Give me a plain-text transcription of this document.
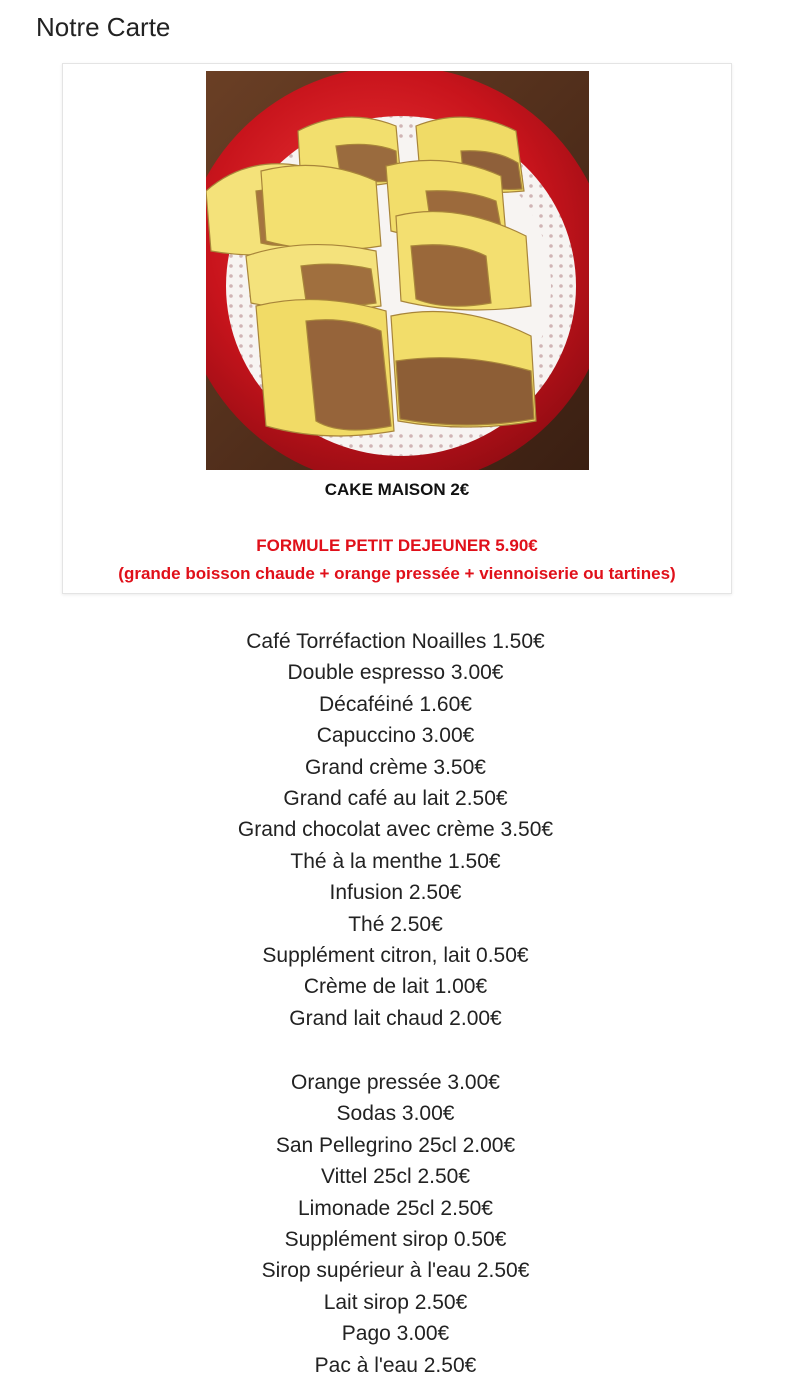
Notre Carte
CAKE MAISON 2€
FORMULE PETIT DEJEUNER 5.90€
(grande boisson chaude + orange pressée + viennoiserie ou tartines)
Café Torréfaction Noailles 1.50€
Double espresso 3.00€
Décaféiné 1.60€
Capuccino 3.00€
Grand crème 3.50€
Grand café au lait 2.50€
Grand chocolat avec crème 3.50€
Thé à la menthe 1.50€
Infusion 2.50€
Thé 2.50€
Supplément citron, lait 0.50€
Crème de lait 1.00€
Grand lait chaud 2.00€
Orange pressée 3.00€
Sodas 3.00€
San Pellegrino 25cl 2.00€
Vittel 25cl 2.50€
Limonade 25cl 2.50€
Supplément sirop 0.50€
Sirop supérieur à l'eau 2.50€
Lait sirop 2.50€
Pago 3.00€
Pac à l'eau 2.50€
